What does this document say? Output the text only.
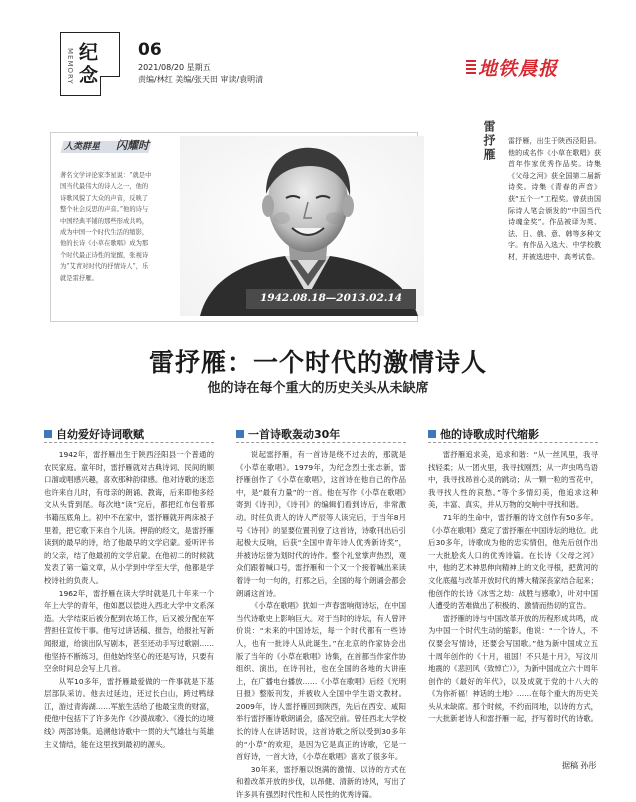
纪念
MEMORY	06
2021/08/20 星期五
责编/林红 美编/张天田 审读/袁明清	地铁晨报
人类群星 闪耀时
著名文学评论家李星说：“就是中国当代最伟大的诗人之一，他的诗歌风貌了大众的声音，反映了整个社会反思的声音。”他的诗与中国经典平铺的那些形成共鸣，成为中国一个时代生活的缩影，他的长诗《小草在歌唱》成为那个时代最正诗性的觉醒，张视诗为“艾青对时代的抒情诗人”，乐就是雷抒雁。
1942.08.18—2013.02.14
雷抒雁 雷抒雁，出生于陕西泾阳县。他的成名作《小草在歌唱》获首年作家优秀作品奖。诗集《父母之河》获全国第二届新诗奖。诗集《青春的声音》获“五个一”工程奖。曾获由国际诗人笔会颁发的“中国当代诗魂金奖”。作品被译为英、法、日、俄、意、韩等多种文字。有作品入选大、中学校教材，并被选进中、高考试卷。
雷抒雁：一个时代的激情诗人
他的诗在每个重大的历史关头从未缺席
自幼爱好诗词歌赋

1942年，雷抒雁出生于陕西泾阳县一个普通的农民家庭。童年时，雷抒雁就对古典诗词、民间的顺口溜或唱感兴趣，喜欢那种韵律感。他对诗歌的迷恋也许来自儿时，有母亲的朗诵、教诲，后来即他多经文从头背到尾。每次地“读”完后，都把红布包着那书籍压底角上。初中不在家中，雷抒雁就开两床被子里着，把它歌下来自个儿读。押韵的经文，是雷抒雁读到的最早的诗，给了他最早的文学启蒙。爱听评书的父亲，结了他最初的文学启蒙。在他初二的时候就发表了第一篇文章，从小学到中学至大学，他都是学校诗社的负责人。

1962年，雷抒雁在读大学时就是几十年来一个年上大学的青年，他如愿以偿进入西北大学中文系深造。大学结束后被分配到农场工作，后又被分配在军营担任宣传干事。他写过讲话稿、报告，给报社写新闻报道，给演出队写剧本，甚至还动手写过歌剧……他坚持不断练习，但他始终坚心的还是写诗，只要有空余时间总会写上几首。

从军10多年，雷抒雁最爱做的一件事就是下基层部队采访。他去过延边，还过长白山，跨过鸭绿江，游过青海湖……军旅生活给了他最宝贵的财富，使他中包括下了许多先作《沙漠战歌》、《漫长的边境线》两部诗集。追溯他诗歌中一贯的大气雄壮与英雄主义情结，能在这里找到最初的源头。

一首诗歌轰动30年

说起雷抒雁，有一首诗是绕不过去的，那就是《小草在歌唱》。1979年，为纪念烈士张志新，雷抒雁创作了《小草在歌唱》，这首诗在他自己的作品中，是“最有力量”的一首。他在写作《小草在歌唱》寄到《诗刊》，《诗刊》的编辑们看到诗后，非常激动。时任负责人的诗人严辰等人读完后，于当年8月号《诗刊》的显要位置刊登了这首诗，诗歌刊出后引起极大反响，后获“全国中青年诗人优秀新诗奖”，并被诗坛誉为划时代的诗作。整个礼堂掌声热烈，观众们跟着喊口号，雷抒雁和一个又一个接着喊出来读着诗一句一句的，打那之后，全国的每个朗诵会都会朗诵这首诗。

《小草在歌唱》犹如一声春雷响彻诗坛，在中国当代诗歌史上影响巨大。对于当时的诗坛，有人曾评价说：“未来的中国诗坛，每一个时代都有一些诗人，也有一批诗人从此诞生。”在北京的作家协会出版了当年的《小草在歌唱》诗集，在首都当作家作协组织、演出，在诗刊社，也在全国的各地的大讲座上，在广播电台播放……《小草在歌唱》后经《光明日报》整版刊发，并被收入全国中学生语文教材。2009年，诗人雷抒雁回到陕西，先后在西安、咸阳举行雷抒雁诗歌朗诵会，盛况空前。曾任西北大学校长的诗人在讲话时说，这首诗歌之所以受到30多年的“小草”的欢迎，是因为它是真正的诗歌，它是一首好诗，一首大诗，《小草在歌唱》喜欢了很多年。

30年来，雷抒雁以饱满的激情、以诗的方式在和着改革开放的步伐，以昂健、清新的诗风，写出了许多具有强烈时代性和人民性的优秀诗篇。

他的诗歌成时代缩影

雷抒雁追求美，追求和谐：“从一丝风里，我寻找轻柔；从一团火里，我寻找刚烈；从一声虫鸣鸟语中，我寻找昂首心灵的跳动；从一颗一粒的雪花中，我寻找人性的哀愁。”等个多情幻美，他追求这种美，丰富、真实，并从万物的交响中寻找和谐。

71年的生命中，雷抒雁的诗文创作有50多年。《小草在歌唱》奠定了雷抒雁在中国诗坛的地位。此后30多年，诗歌成为他的忠实情侣，他先后创作出一大批脍炙人口的优秀诗篇。在长诗《父母之河》中，他的艺术神思伸向精神上的文化寻根，把黄河的文化底蕴与改革开放时代的博大精深丧家结合起来；他创作的长诗《冰雪之劫：战胜与感歌》，叶对中国人遭受的苦难做出了积极的、激情而热切的宣告。

雷抒雁的诗与中国改革开放的历程形成共鸣，成为中国一个时代生动的缩影。他说：“一个诗人，不仅要会写情诗，还要会写国歌。”他为新中国成立五十周年创作的《十月，祖国！不只是十月》，写汶川地震的《悲回风（致悼亡）》，为新中国成立六十周年创作的《最好的年代》，以及成就于党的十八大的《为你祈福！神话的土地》……在每个重大的历史关头从未缺席。那个时候，不约而同地，以诗的方式，一大批新老诗人和雷抒雁一起，抒写着时代的诗歌。

据稿 孙彤
